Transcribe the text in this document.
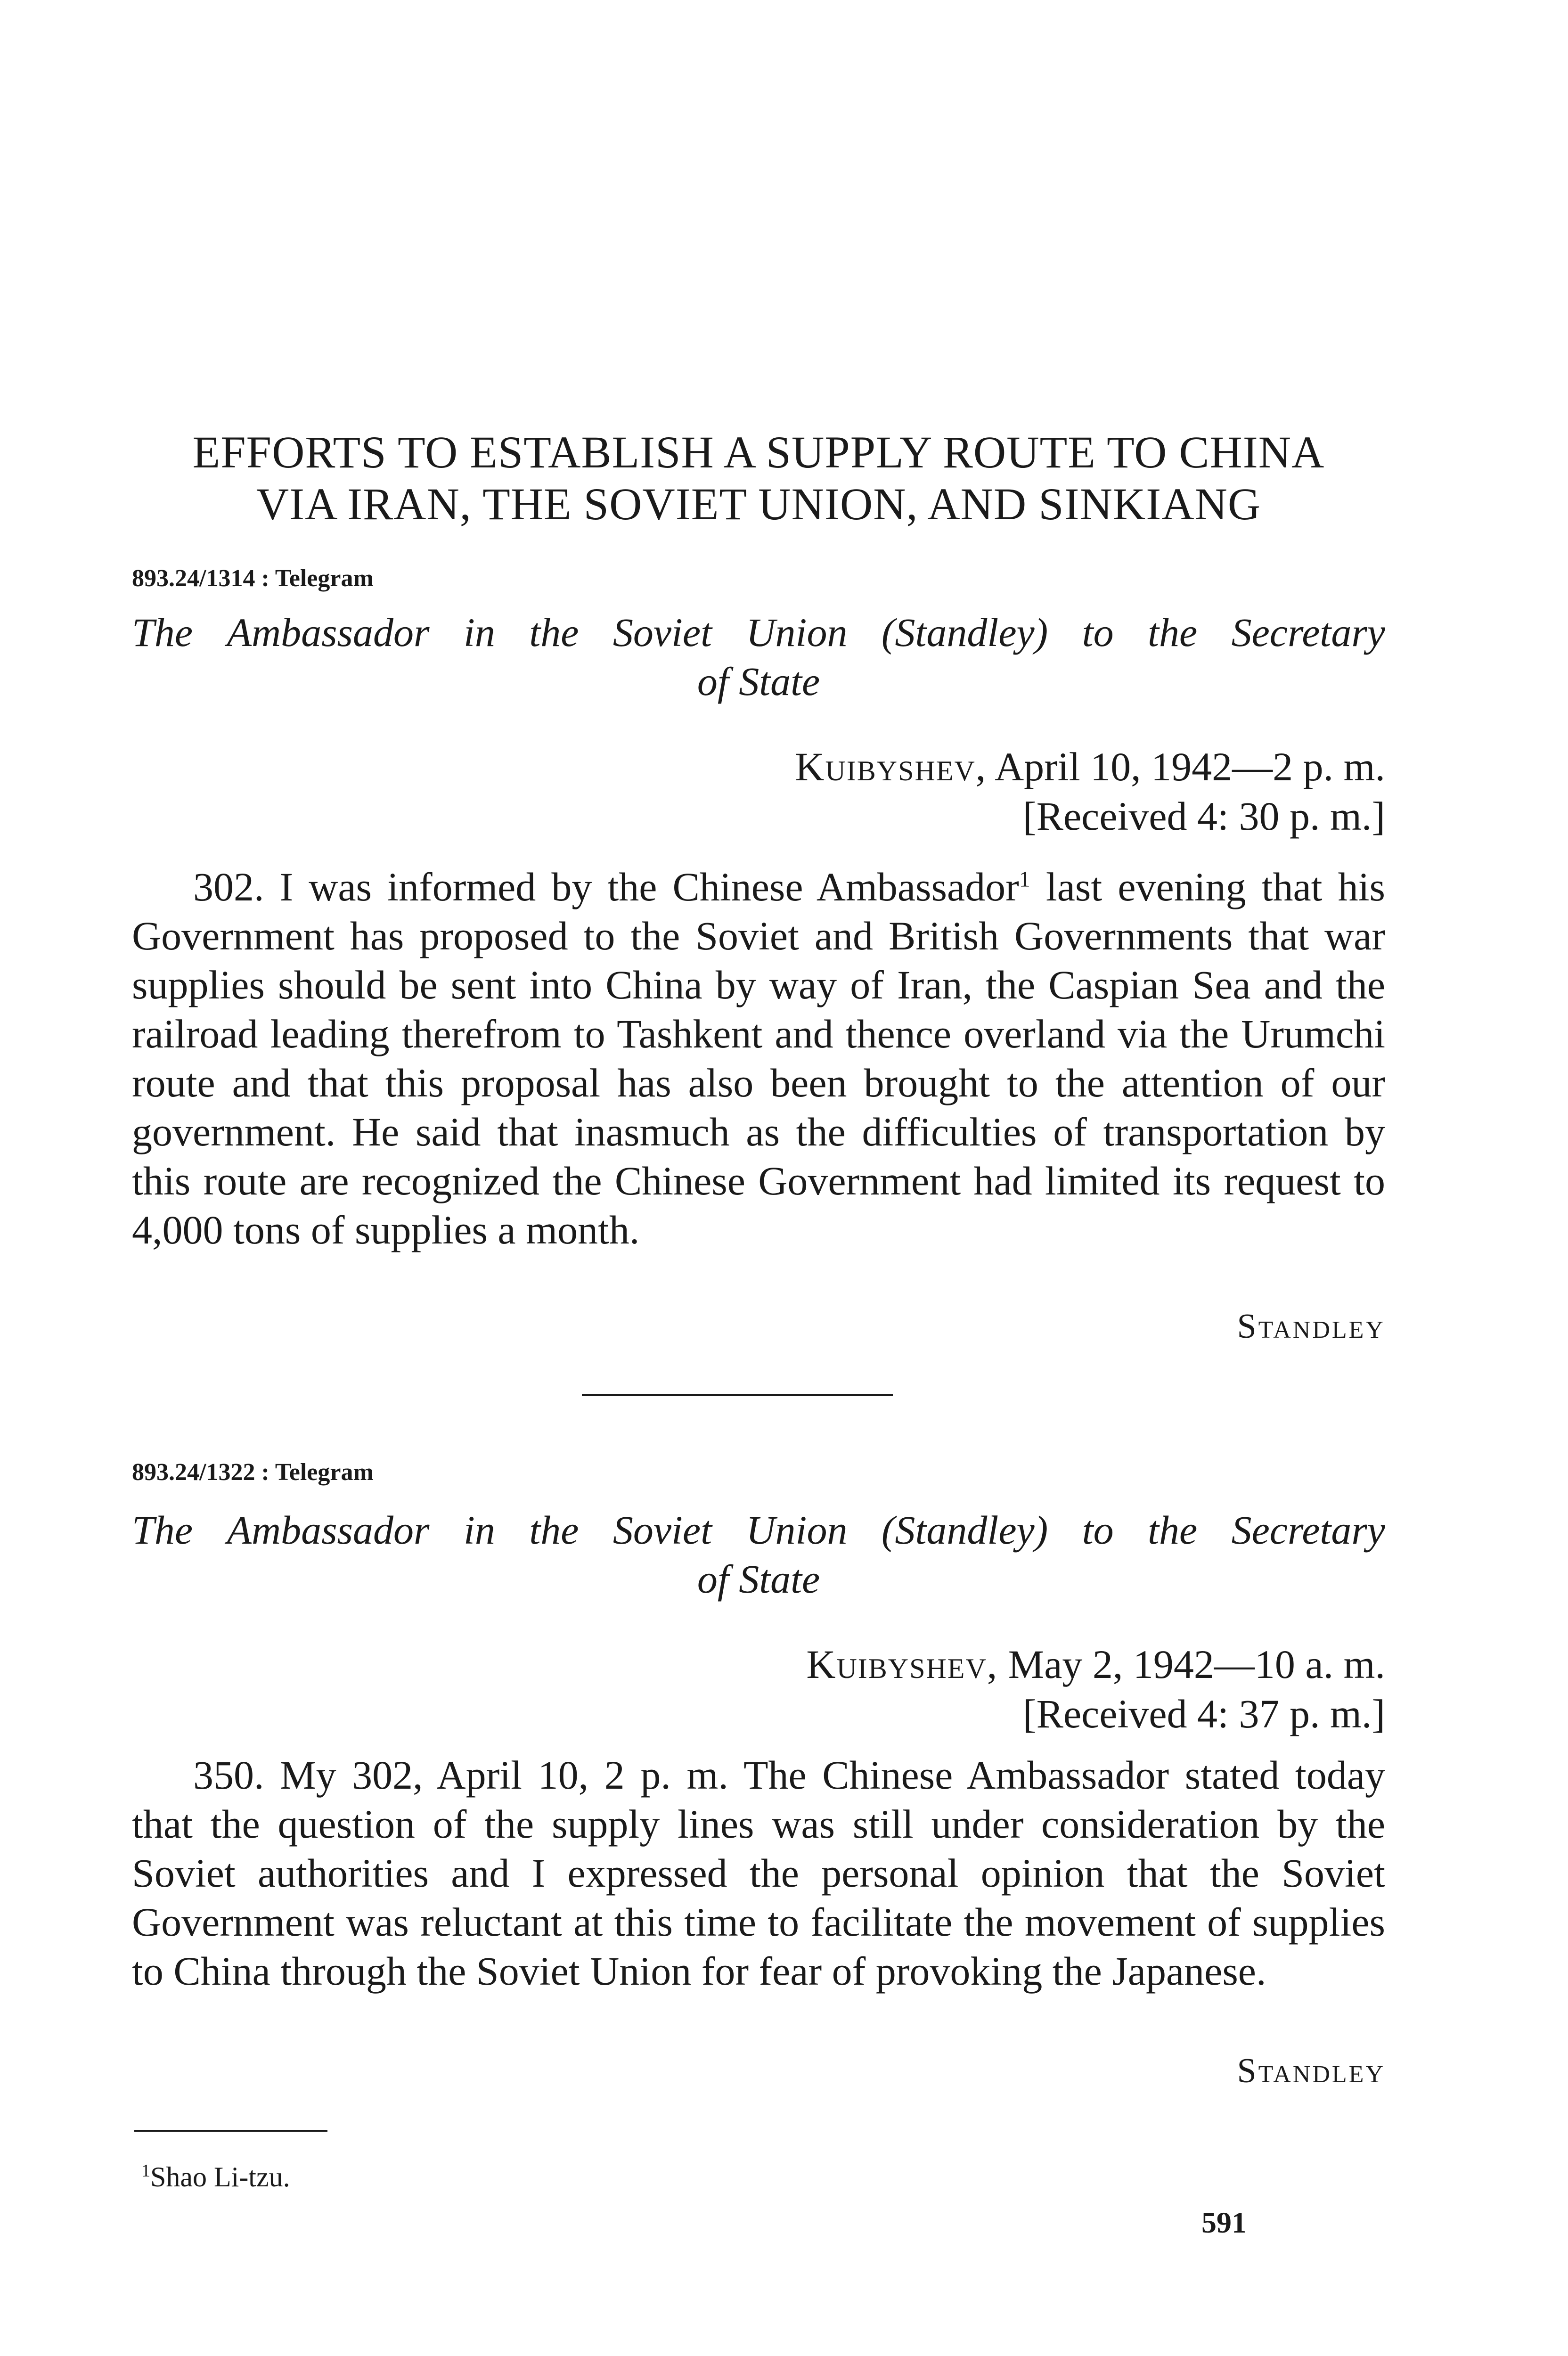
EFFORTS TO ESTABLISH A SUPPLY ROUTE TO CHINA
VIA IRAN, THE SOVIET UNION, AND SINKIANG
893.24/1314 : Telegram
The Ambassador in the Soviet Union (Standley) to the Secretary
of State
Kuibyshev, April 10, 1942—2 p. m.
[Received 4: 30 p. m.]

302. I was informed by the Chinese Ambassador$^1$ last evening that his Government has proposed to the Soviet and British Governments that war supplies should be sent into China by way of Iran, the Caspian Sea and the railroad leading therefrom to Tashkent and thence overland via the Urumchi route and that this proposal has also been brought to the attention of our government. He said that inasmuch as the difficulties of transportation by this route are recognized the Chinese Government had limited its request to 4,000 tons of supplies a month.

Standley
893.24/1322 : Telegram
The Ambassador in the Soviet Union (Standley) to the Secretary
of State
Kuibyshev, May 2, 1942—10 a. m.
[Received 4: 37 p. m.]

350. My 302, April 10, 2 p. m. The Chinese Ambassador stated today that the question of the supply lines was still under consideration by the Soviet authorities and I expressed the personal opinion that the Soviet Government was reluctant at this time to facilitate the movement of supplies to China through the Soviet Union for fear of provoking the Japanese.

Standley
$^1$Shao Li-tzu.
591
